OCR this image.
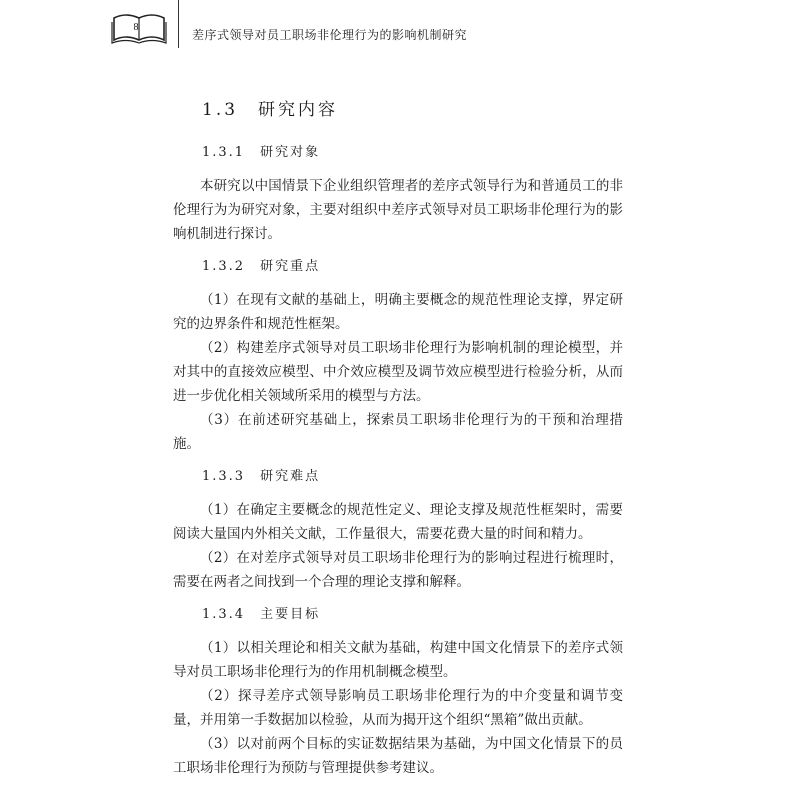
8
差序式领导对员工职场非伦理行为的影响机制研究
1.3　研究内容
1.3.1　研究对象

本研究以中国情景下企业组织管理者的差序式领导行为和普通员工的非伦理行为为研究对象，主要对组织中差序式领导对员工职场非伦理行为的影响机制进行探讨。

1.3.2　研究重点

（1）在现有文献的基础上，明确主要概念的规范性理论支撑，界定研究的边界条件和规范性框架。

（2）构建差序式领导对员工职场非伦理行为影响机制的理论模型，并对其中的直接效应模型、中介效应模型及调节效应模型进行检验分析，从而进一步优化相关领域所采用的模型与方法。

（3）在前述研究基础上，探索员工职场非伦理行为的干预和治理措施。

1.3.3　研究难点

（1）在确定主要概念的规范性定义、理论支撑及规范性框架时，需要阅读大量国内外相关文献，工作量很大，需要花费大量的时间和精力。

（2）在对差序式领导对员工职场非伦理行为的影响过程进行梳理时，需要在两者之间找到一个合理的理论支撑和解释。

1.3.4　主要目标

（1）以相关理论和相关文献为基础，构建中国文化情景下的差序式领导对员工职场非伦理行为的作用机制概念模型。

（2）探寻差序式领导影响员工职场非伦理行为的中介变量和调节变量，并用第一手数据加以检验，从而为揭开这个组织“黑箱”做出贡献。

（3）以对前两个目标的实证数据结果为基础，为中国文化情景下的员工职场非伦理行为预防与管理提供参考建议。
